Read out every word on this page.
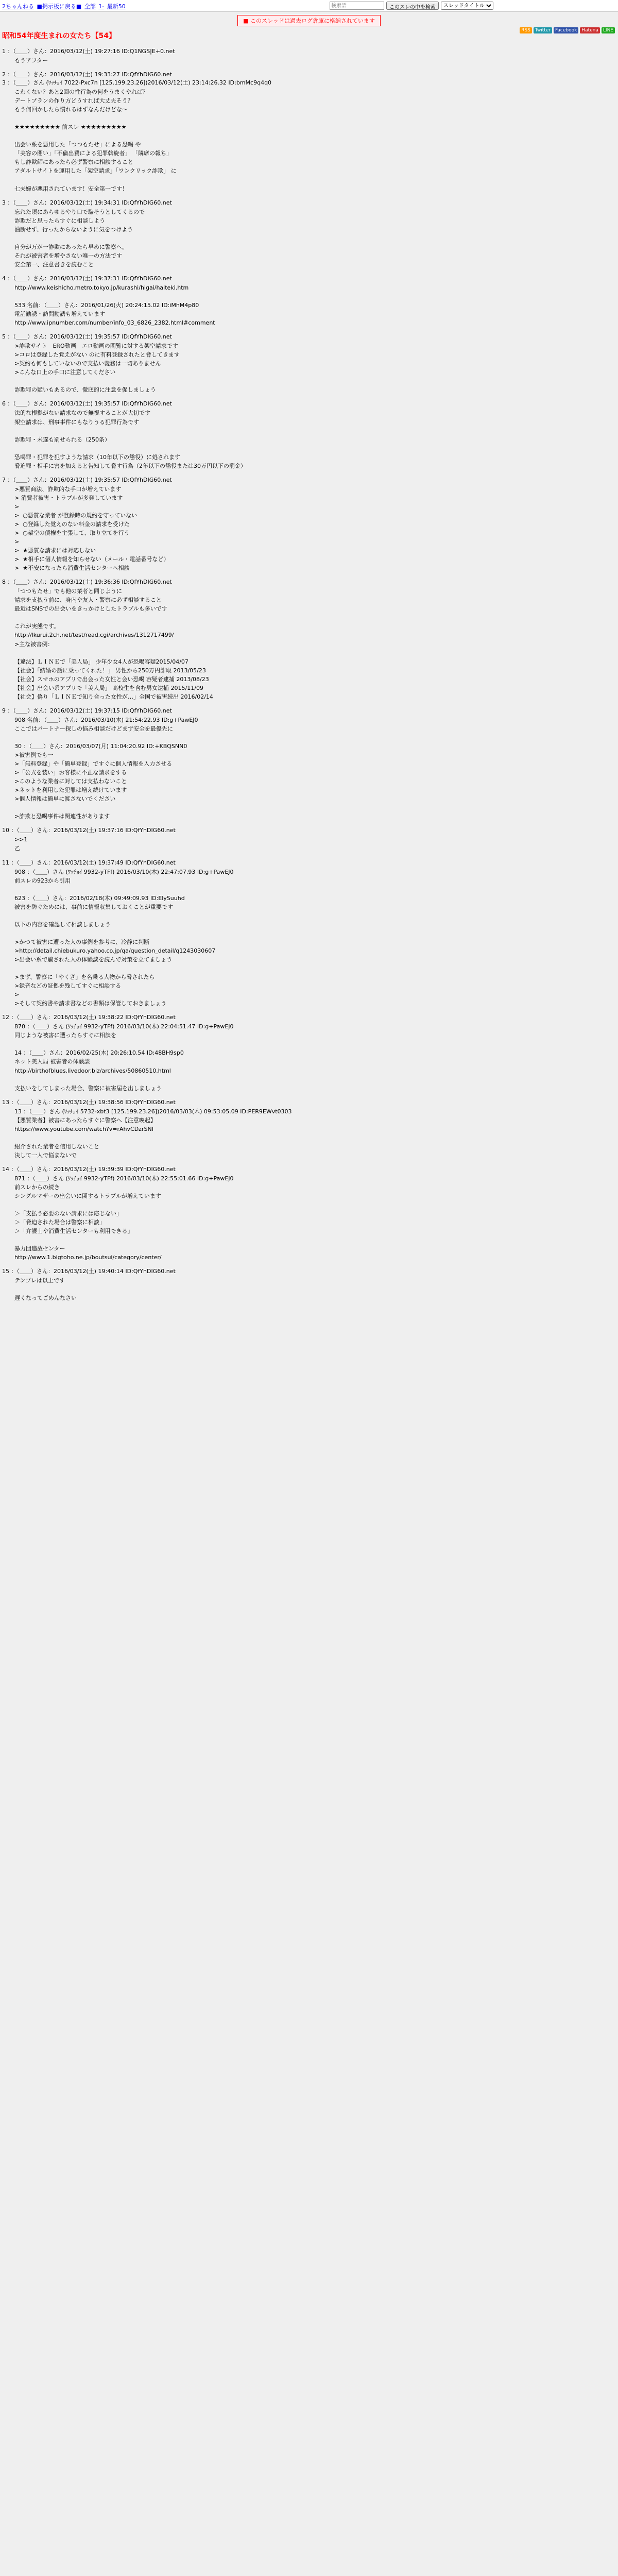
2ちゃんねる ■掲示板に戻る■ 全部 1- 最新50
検索語	このスレの中を検索
スレッドタイトル
■ このスレッドは過去ログ倉庫に格納されています
昭和54年度生まれの女たち【54】
RSS	Twitter	Facebook	Hatena	LINE
1 ：（＿＿）さん：2016/03/12(土) 19:27:16 ID:Q1NGS|E+0.net
もうアフター
2 ：（＿＿）さん：2016/03/12(土) 19:33:27 ID:QfYhDIG60.net
3 ：（＿＿）さん (ﾜｯﾁｮｲ 7022-Pxc7n [125.199.23.26])2016/03/12(土) 23:14:26.32 ID:bmMc9q4q0
こわくない？あと2回の性行為の何をうまくやれば？
デートプランの作り方どうすれば大丈夫そう？
もう何回かしたら慣れるはずなんだけどな〜

★★★★★★★★★ 前スレ ★★★★★★★★★

出会い系を悪用した「つつもたせ」による恐喝 や
「美容の闇い」「不倫出費による犯罪斡旋者」 「隣席の報ち」
もし詐欺師にあったら必ず警察に相談すること
アダルトサイトを運用した「架空請求」「ワンクリック詐欺」 に

七夫婦が悪用されています！安全第一です！
3 ：（＿＿）さん：2016/03/12(土) 19:34:31 ID:QfYhDIG60.net
忘れた頃にあらゆるやり口で騙そうとしてくるので
詐欺だと思ったらすぐに相談しよう
油断せず、行ったからないように気をつけよう

自分が万が一詐欺にあったら早めに警察へ。
それが被害者を増やさない唯一の方法です
安全第一、注意書きを読むこと
4 ：（＿＿）さん：2016/03/12(土) 19:37:31 ID:QfYhDIG60.net
http://www.keishicho.metro.tokyo.jp/kurashi/higai/haiteki.htm

533 名前：（＿＿）さん：2016/01/26(火) 20:24:15.02 ID:iMhM4p80
電話勧誘・訪問勧誘も増えています
http://www.ipnumber.com/number/info_03_6826_2382.html#comment
5 ：（＿＿）さん：2016/03/12(土) 19:35:57 ID:QfYhDIG60.net
>詐欺サイト　ERO動画　エロ動画の閲覧に対する架空請求です
>コロは登録した覚えがない のに有料登録されたと脅してきます
>契約も何もしていないので支払い義務は一切ありません
>こんな口上の手口に注意してください

詐欺罪の疑いもあるので、徹底的に注意を促しましょう
6 ：（＿＿）さん：2016/03/12(土) 19:35:57 ID:QfYhDIG60.net
法的な根拠がない請求なので無視することが大切です
架空請求は、刑事事件にもなりうる犯罪行為です

詐欺罪・未遂も罰せられる（250条）

恐喝罪・犯罪を犯すような請求（10年以下の懲役）に処されます
脅迫罪・相手に害を加えると告知して脅す行為（2年以下の懲役または30万円以下の罰金）
7 ：（＿＿）さん：2016/03/12(土) 19:35:57 ID:QfYhDIG60.net
>悪質商法、詐欺的な手口が増えています
> 消費者被害・トラブルが多発しています
>
>  ○悪質な業者 が登録時の規約を守っていない
>  ○登録した覚えのない料金の請求を受けた
>  ○架空の債権を主張して、取り立てを行う
>
>  ★悪質な請求には対応しない
>  ★相手に個人情報を知らせない（メール・電話番号など）
>  ★不安になったら消費生活センターへ相談
8 ：（＿＿）さん：2016/03/12(土) 19:36:36 ID:QfYhDIG60.net
「つつもたせ」でも他の業者と同じように
請求を支払う前に、身内や友人・警察に必ず相談すること
最近はSNSでの出会いをきっかけとしたトラブルも多いです

これが実態です。
http://lkurui.2ch.net/test/read.cgi/archives/1312717499/
>主な被害例：

【違法】ＬＩＮＥで「美人局」 少年少女4人が恐喝容疑2015/04/07
【社会】「結婚の話に乗ってくれた！」 男性から250万円詐取 2013/05/23
【社会】スマホのアプリで出会った女性と会い恐喝 容疑者逮捕 2013/08/23
【社会】出会い系アプリで「美人局」 高校生を含む男女逮捕 2015/11/09
【社会】偽り「ＬＩＮＥで知り合った女性が…」全国で被害続出 2016/02/14
9 ：（＿＿）さん：2016/03/12(土) 19:37:15 ID:QfYhDIG60.net
908 名前：（＿＿）さん：2016/03/10(木) 21:54:22.93 ID:g+PawEJ0
ここではパートナー探しの悩み相談だけどまず安全を最優先に

30 ：（＿＿）さん：2016/03/07(月) 11:04:20.92 ID:+KBQSNN0
>被害例でも一
>「無料登録」や「簡単登録」ですぐに個人情報を入力させる
>「公式を装い」お客様に不正な請求をする
>このような業者に対しては支払わないこと
>ネットを利用した犯罪は増え続けています
>個人情報は簡単に渡さないでください

>詐欺と恐喝事件は関連性があります
10 ：（＿＿）さん：2016/03/12(土) 19:37:16 ID:QfYhDIG60.net
>>1
乙
11 ：（＿＿）さん：2016/03/12(土) 19:37:49 ID:QfYhDIG60.net
908 ：（＿＿）さん (ﾜｯﾁｮｲ 9932-yTFf) 2016/03/10(木) 22:47:07.93 ID:g+PawEJ0
前スレの923から引用

623 ：（＿＿）さん：2016/02/18(木) 09:49:09.93 ID:ElySuuhd
被害を防ぐためには、事前に情報収集しておくことが重要です

以下の内容を確認して相談しましょう

>かつて被害に遭った人の事例を参考に、冷静に判断
>http://detail.chiebukuro.yahoo.co.jp/qa/question_detail/q1243030607
>出会い系で騙された人の体験談を読んで対策を立てましょう

>まず、警察に「やくざ」を名乗る人物から脅されたら
>録音などの証拠を残してすぐに相談する
>
>そして契約書や請求書などの書類は保管しておきましょう
12 ：（＿＿）さん：2016/03/12(土) 19:38:22 ID:QfYhDIG60.net
870 ：（＿＿）さん (ﾜｯﾁｮｲ 9932-yTFf) 2016/03/10(木) 22:04:51.47 ID:g+PawEJ0
同じような被害に遭ったらすぐに相談を

14 ：（＿＿）さん：2016/02/25(木) 20:26:10.54 ID:48BH9sp0
ネット美人局 被害者の体験談
http://birthofblues.livedoor.biz/archives/50860510.html

支払いをしてしまった場合、警察に被害届を出しましょう
13 ：（＿＿）さん：2016/03/12(土) 19:38:56 ID:QfYhDIG60.net
13 ：（＿＿）さん (ﾜｯﾁｮｲ 5732-xbt3 [125.199.23.26])2016/03/03(木) 09:53:05.09 ID:PER9EWvt0303
【悪質業者】被害にあったらすぐに警察へ【注意喚起】
https://www.youtube.com/watch?v=rAhvCDzrSNI

紹介された業者を信用しないこと
決して一人で悩まないで
14 ：（＿＿）さん：2016/03/12(土) 19:39:39 ID:QfYhDIG60.net
871 ：（＿＿）さん (ﾜｯﾁｮｲ 9932-yTFf) 2016/03/10(木) 22:55:01.66 ID:g+PawEJ0
前スレからの続き
シングルマザーの出会いに関するトラブルが増えています

＞「支払う必要のない請求には応じない」
＞「脅迫された場合は警察に相談」
＞「弁護士や消費生活センターも利用できる」

暴力団追放センター
http://www.1.bigtoho.ne.jp/boutsui/category/center/

15 ：（＿＿）さん：2016/03/12(土) 19:40:14 ID:QfYhDIG60.net
テンプレは以上です

遅くなってごめんなさい
